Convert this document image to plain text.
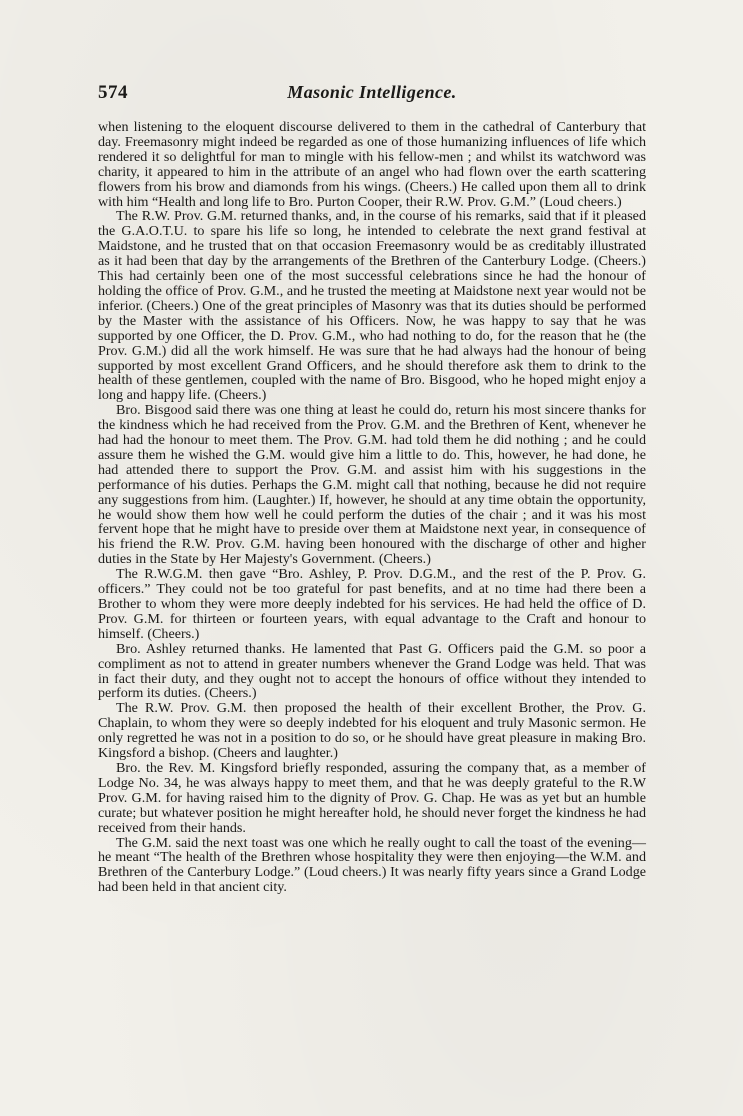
574	Masonic Intelligence.

when listening to the eloquent discourse delivered to them in the cathedral of Canterbury that day. Freemasonry might indeed be regarded as one of those humanizing influences of life which rendered it so delightful for man to mingle with his fellow-men ; and whilst its watchword was charity, it appeared to him in the attribute of an angel who had flown over the earth scattering flowers from his brow and diamonds from his wings. (Cheers.) He called upon them all to drink with him “Health and long life to Bro. Purton Cooper, their R.W. Prov. G.M.” (Loud cheers.)

The R.W. Prov. G.M. returned thanks, and, in the course of his remarks, said that if it pleased the G.A.O.T.U. to spare his life so long, he intended to celebrate the next grand festival at Maidstone, and he trusted that on that occasion Freemasonry would be as creditably illustrated as it had been that day by the arrangements of the Brethren of the Canterbury Lodge. (Cheers.) This had certainly been one of the most successful celebrations since he had the honour of holding the office of Prov. G.M., and he trusted the meeting at Maidstone next year would not be inferior. (Cheers.) One of the great principles of Masonry was that its duties should be performed by the Master with the assistance of his Officers. Now, he was happy to say that he was supported by one Officer, the D. Prov. G.M., who had nothing to do, for the reason that he (the Prov. G.M.) did all the work himself. He was sure that he had always had the honour of being supported by most excellent Grand Officers, and he should therefore ask them to drink to the health of these gentlemen, coupled with the name of Bro. Bisgood, who he hoped might enjoy a long and happy life. (Cheers.)

Bro. Bisgood said there was one thing at least he could do, return his most sincere thanks for the kindness which he had received from the Prov. G.M. and the Brethren of Kent, whenever he had had the honour to meet them. The Prov. G.M. had told them he did nothing ; and he could assure them he wished the G.M. would give him a little to do. This, however, he had done, he had attended there to support the Prov. G.M. and assist him with his suggestions in the performance of his duties. Perhaps the G.M. might call that nothing, because he did not require any suggestions from him. (Laughter.) If, however, he should at any time obtain the opportunity, he would show them how well he could perform the duties of the chair ; and it was his most fervent hope that he might have to preside over them at Maidstone next year, in consequence of his friend the R.W. Prov. G.M. having been honoured with the discharge of other and higher duties in the State by Her Majesty's Government. (Cheers.)

The R.W.G.M. then gave “Bro. Ashley, P. Prov. D.G.M., and the rest of the P. Prov. G. officers.” They could not be too grateful for past benefits, and at no time had there been a Brother to whom they were more deeply indebted for his services. He had held the office of D. Prov. G.M. for thirteen or fourteen years, with equal advantage to the Craft and honour to himself. (Cheers.)

Bro. Ashley returned thanks. He lamented that Past G. Officers paid the G.M. so poor a compliment as not to attend in greater numbers whenever the Grand Lodge was held. That was in fact their duty, and they ought not to accept the honours of office without they intended to perform its duties. (Cheers.)

The R.W. Prov. G.M. then proposed the health of their excellent Brother, the Prov. G. Chaplain, to whom they were so deeply indebted for his eloquent and truly Masonic sermon. He only regretted he was not in a position to do so, or he should have great pleasure in making Bro. Kingsford a bishop. (Cheers and laughter.)

Bro. the Rev. M. Kingsford briefly responded, assuring the company that, as a member of Lodge No. 34, he was always happy to meet them, and that he was deeply grateful to the R.W Prov. G.M. for having raised him to the dignity of Prov. G. Chap. He was as yet but an humble curate; but whatever position he might hereafter hold, he should never forget the kindness he had received from their hands.

The G.M. said the next toast was one which he really ought to call the toast of the evening—he meant “The health of the Brethren whose hospitality they were then enjoying—the W.M. and Brethren of the Canterbury Lodge.” (Loud cheers.) It was nearly fifty years since a Grand Lodge had been held in that ancient city.
